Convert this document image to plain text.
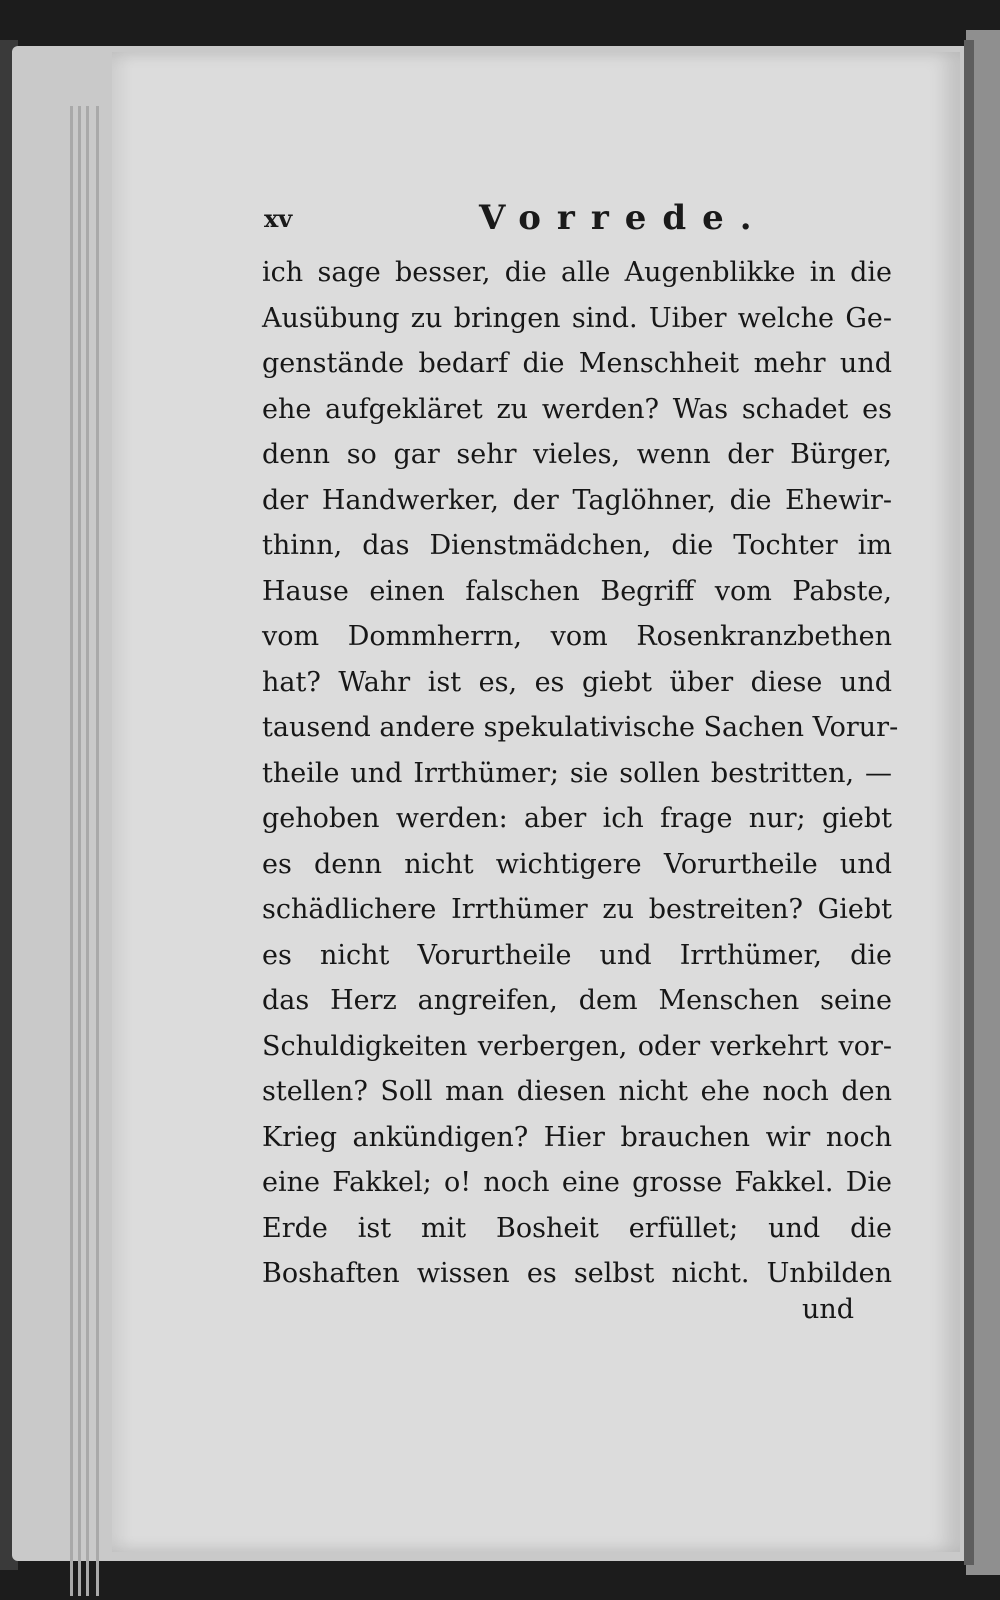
xv	Vorrede.
ich sage besser, die alle Augenblikke in die
Ausübung zu bringen sind. Uiber welche Ge-
genstände bedarf die Menschheit mehr und
ehe aufgekläret zu werden? Was schadet es
denn so gar sehr vieles, wenn der Bürger,
der Handwerker, der Taglöhner, die Ehewir-
thinn, das Dienstmädchen, die Tochter im
Hause einen falschen Begriff vom Pabste,
vom Dommherrn, vom Rosenkranzbethen
hat? Wahr ist es, es giebt über diese und
tausend andere spekulativische Sachen Vorur-
theile und Irrthümer; sie sollen bestritten, —
gehoben werden: aber ich frage nur; giebt
es denn nicht wichtigere Vorurtheile und
schädlichere Irrthümer zu bestreiten? Giebt
es nicht Vorurtheile und Irrthümer, die
das Herz angreifen, dem Menschen seine
Schuldigkeiten verbergen, oder verkehrt vor-
stellen? Soll man diesen nicht ehe noch den
Krieg ankündigen? Hier brauchen wir noch
eine Fakkel; o! noch eine grosse Fakkel. Die
Erde ist mit Bosheit erfüllet; und die
Boshaften wissen es selbst nicht. Unbilden
und
